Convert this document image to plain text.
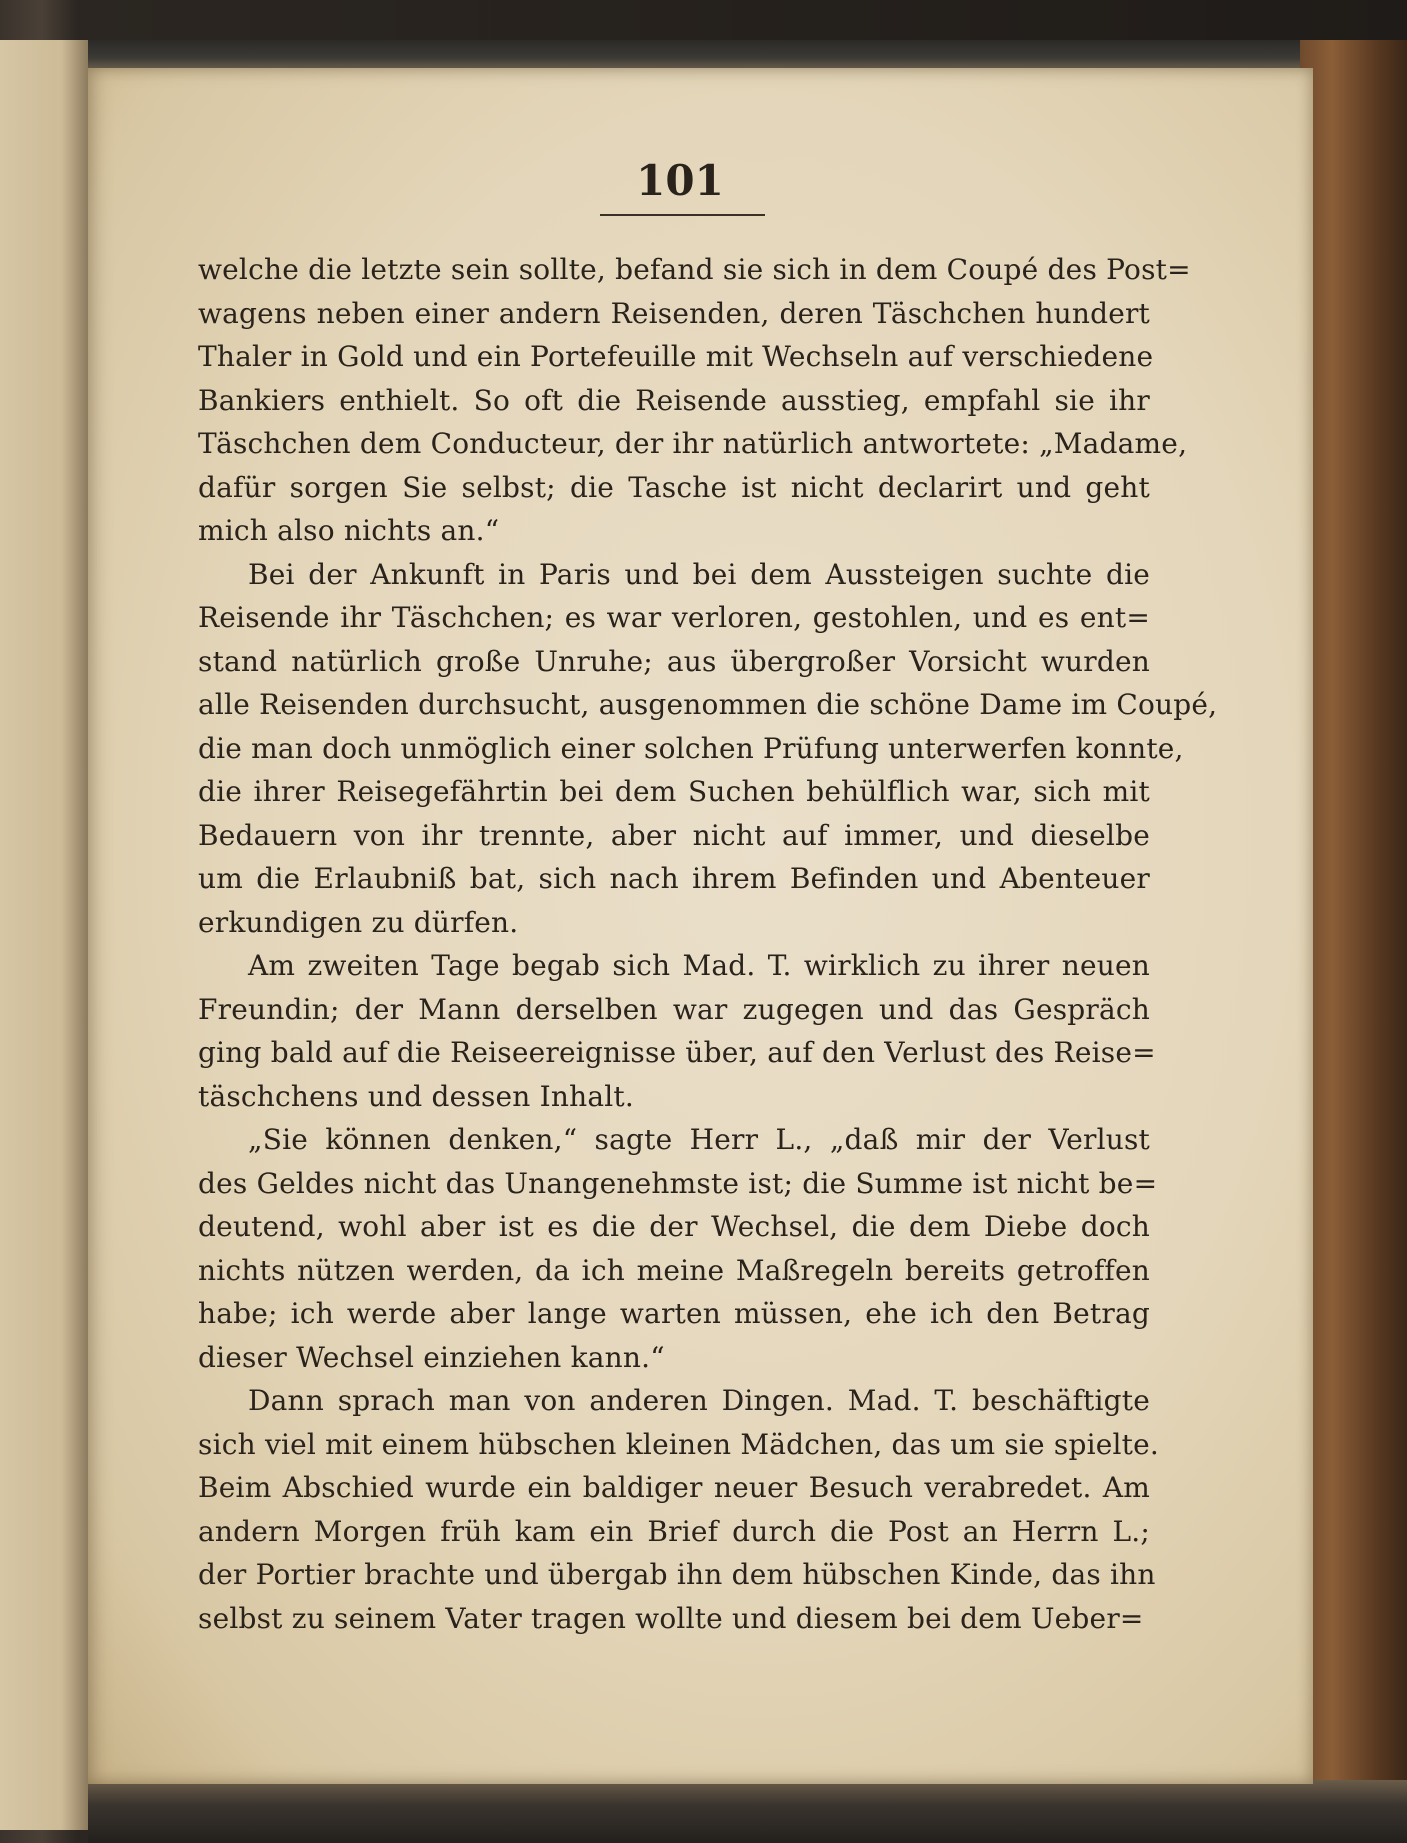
101
welche die letzte sein sollte, befand sie sich in dem Coupé des Post=
wagens neben einer andern Reisenden, deren Täschchen hundert
Thaler in Gold und ein Portefeuille mit Wechseln auf verschiedene
Bankiers enthielt. So oft die Reisende ausstieg, empfahl sie ihr
Täschchen dem Conducteur, der ihr natürlich antwortete: „Madame,
dafür sorgen Sie selbst; die Tasche ist nicht declarirt und geht
mich also nichts an.“
Bei der Ankunft in Paris und bei dem Aussteigen suchte die
Reisende ihr Täschchen; es war verloren, gestohlen, und es ent=
stand natürlich große Unruhe; aus übergroßer Vorsicht wurden
alle Reisenden durchsucht, ausgenommen die schöne Dame im Coupé,
die man doch unmöglich einer solchen Prüfung unterwerfen konnte,
die ihrer Reisegefährtin bei dem Suchen behülflich war, sich mit
Bedauern von ihr trennte, aber nicht auf immer, und dieselbe
um die Erlaubniß bat, sich nach ihrem Befinden und Abenteuer
erkundigen zu dürfen.
Am zweiten Tage begab sich Mad. T. wirklich zu ihrer neuen
Freundin; der Mann derselben war zugegen und das Gespräch
ging bald auf die Reiseereignisse über, auf den Verlust des Reise=
täschchens und dessen Inhalt.
„Sie können denken,“ sagte Herr L., „daß mir der Verlust
des Geldes nicht das Unangenehmste ist; die Summe ist nicht be=
deutend, wohl aber ist es die der Wechsel, die dem Diebe doch
nichts nützen werden, da ich meine Maßregeln bereits getroffen
habe; ich werde aber lange warten müssen, ehe ich den Betrag
dieser Wechsel einziehen kann.“
Dann sprach man von anderen Dingen. Mad. T. beschäftigte
sich viel mit einem hübschen kleinen Mädchen, das um sie spielte.
Beim Abschied wurde ein baldiger neuer Besuch verabredet. Am
andern Morgen früh kam ein Brief durch die Post an Herrn L.;
der Portier brachte und übergab ihn dem hübschen Kinde, das ihn
selbst zu seinem Vater tragen wollte und diesem bei dem Ueber=
